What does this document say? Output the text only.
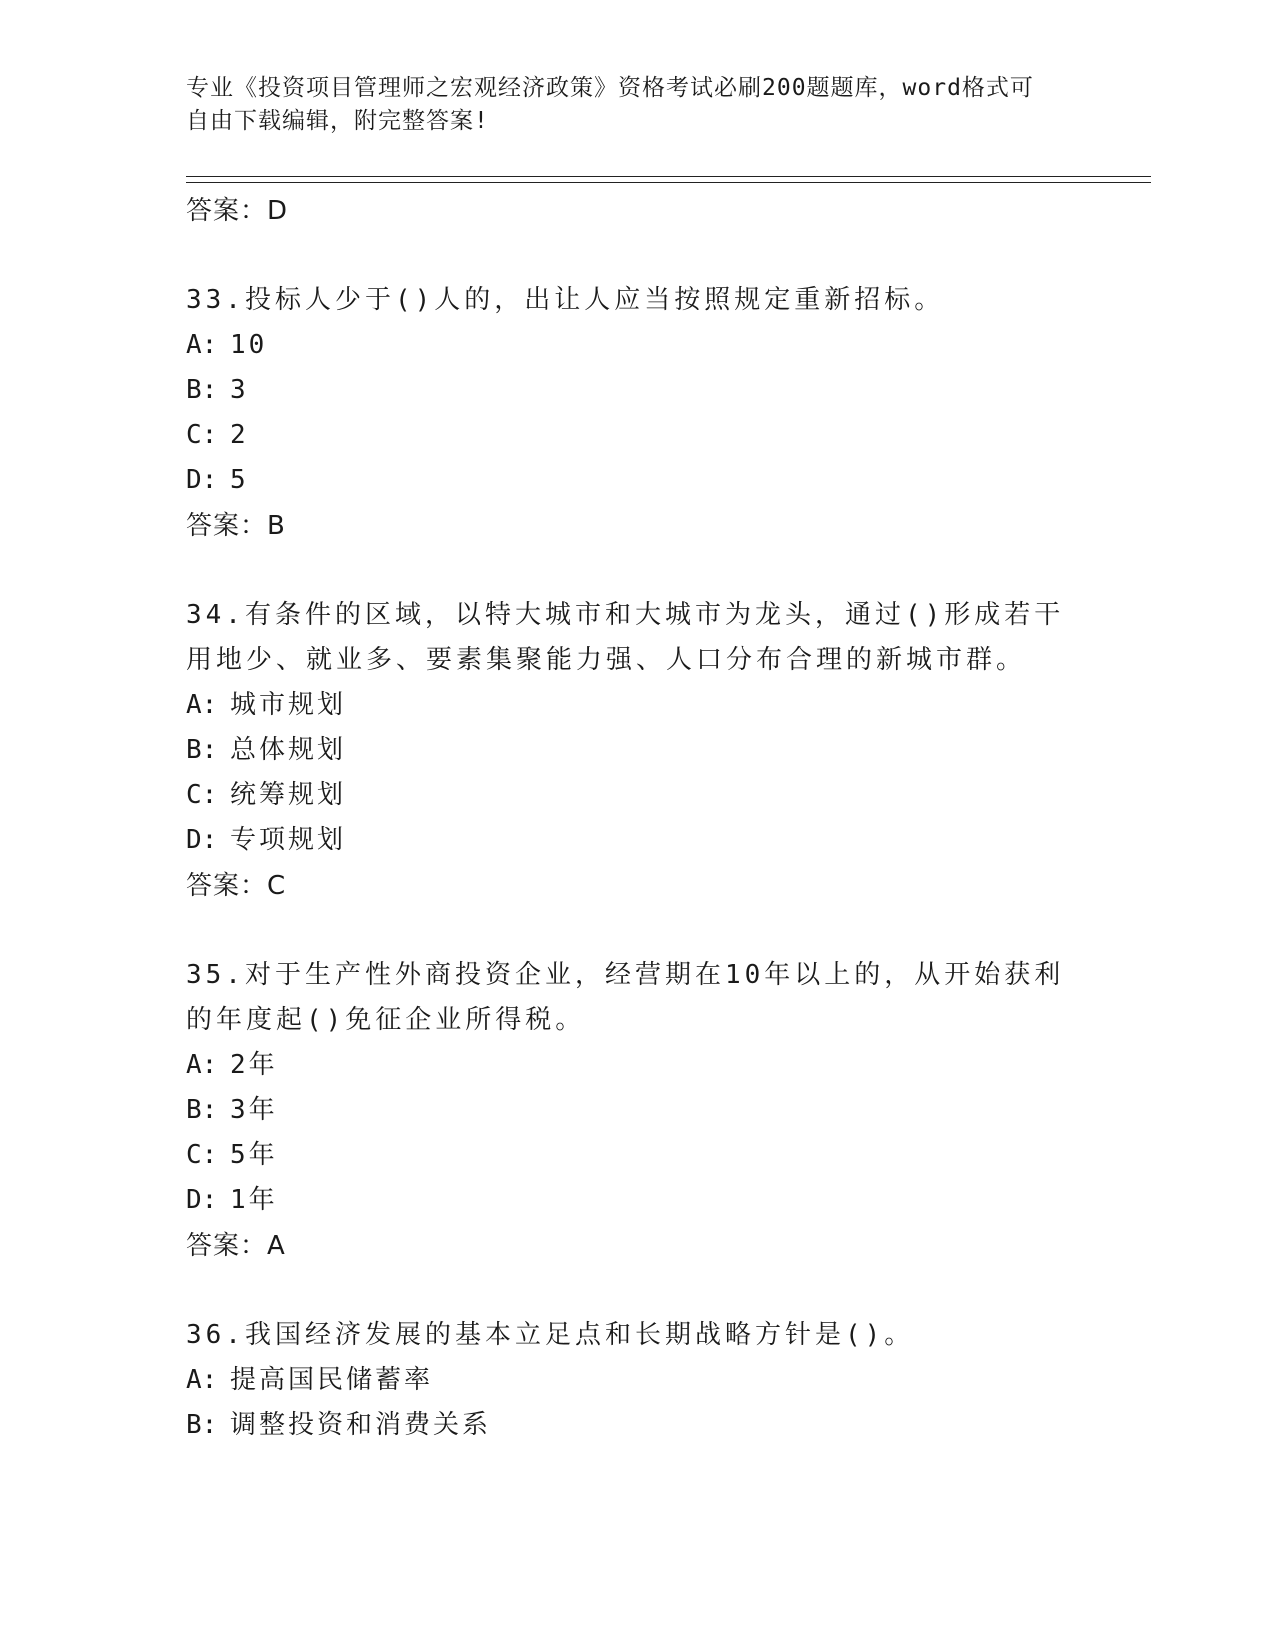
专业《投资项目管理师之宏观经济政策》资格考试必刷200题题库，word格式可
自由下载编辑，附完整答案!
答案：D
33.投标人少于()人的，出让人应当按照规定重新招标。
A: 10
B: 3
C: 2
D: 5
答案：B
34.有条件的区域，以特大城市和大城市为龙头，通过()形成若干用地少、就业多、要素集聚能力强、人口分布合理的新城市群。
A: 城市规划
B: 总体规划
C: 统筹规划
D: 专项规划
答案：C
35.对于生产性外商投资企业，经营期在10年以上的，从开始获利的年度起()免征企业所得税。
A: 2年
B: 3年
C: 5年
D: 1年
答案：A
36.我国经济发展的基本立足点和长期战略方针是()。
A: 提高国民储蓄率
B: 调整投资和消费关系
